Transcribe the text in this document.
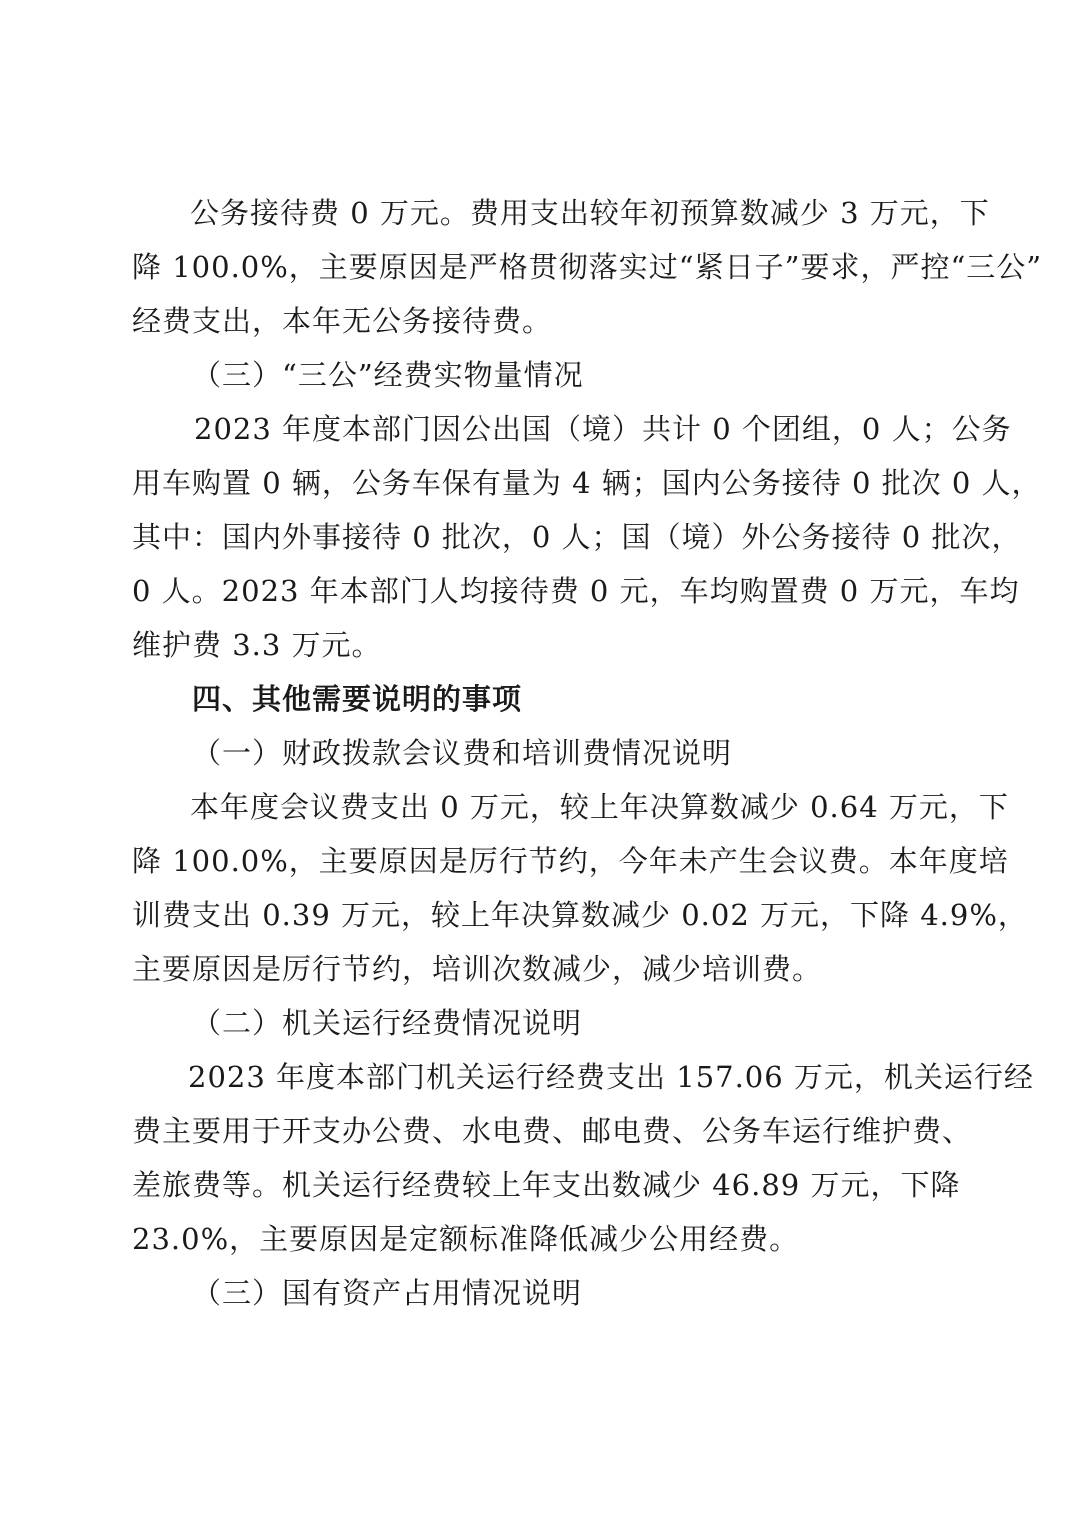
公务接待费 0 万元。费用支出较年初预算数减少 3 万元，下
降 100.0%，主要原因是严格贯彻落实过“紧日子”要求，严控“三公”
经费支出，本年无公务接待费。
（三）“三公”经费实物量情况
2023 年度本部门因公出国（境）共计 0 个团组，0 人；公务
用车购置 0 辆，公务车保有量为 4 辆；国内公务接待 0 批次 0 人，
其中：国内外事接待 0 批次，0 人；国（境）外公务接待 0 批次，
0 人。2023 年本部门人均接待费 0 元，车均购置费 0 万元，车均
维护费 3.3 万元。
四、其他需要说明的事项
（一）财政拨款会议费和培训费情况说明
本年度会议费支出 0 万元，较上年决算数减少 0.64 万元，下
降 100.0%，主要原因是厉行节约，今年未产生会议费。本年度培
训费支出 0.39 万元，较上年决算数减少 0.02 万元，下降 4.9%，
主要原因是厉行节约，培训次数减少，减少培训费。
（二）机关运行经费情况说明
2023 年度本部门机关运行经费支出 157.06 万元，机关运行经
费主要用于开支办公费、水电费、邮电费、公务车运行维护费、
差旅费等。机关运行经费较上年支出数减少 46.89 万元，下降
23.0%，主要原因是定额标准降低减少公用经费。
（三）国有资产占用情况说明
